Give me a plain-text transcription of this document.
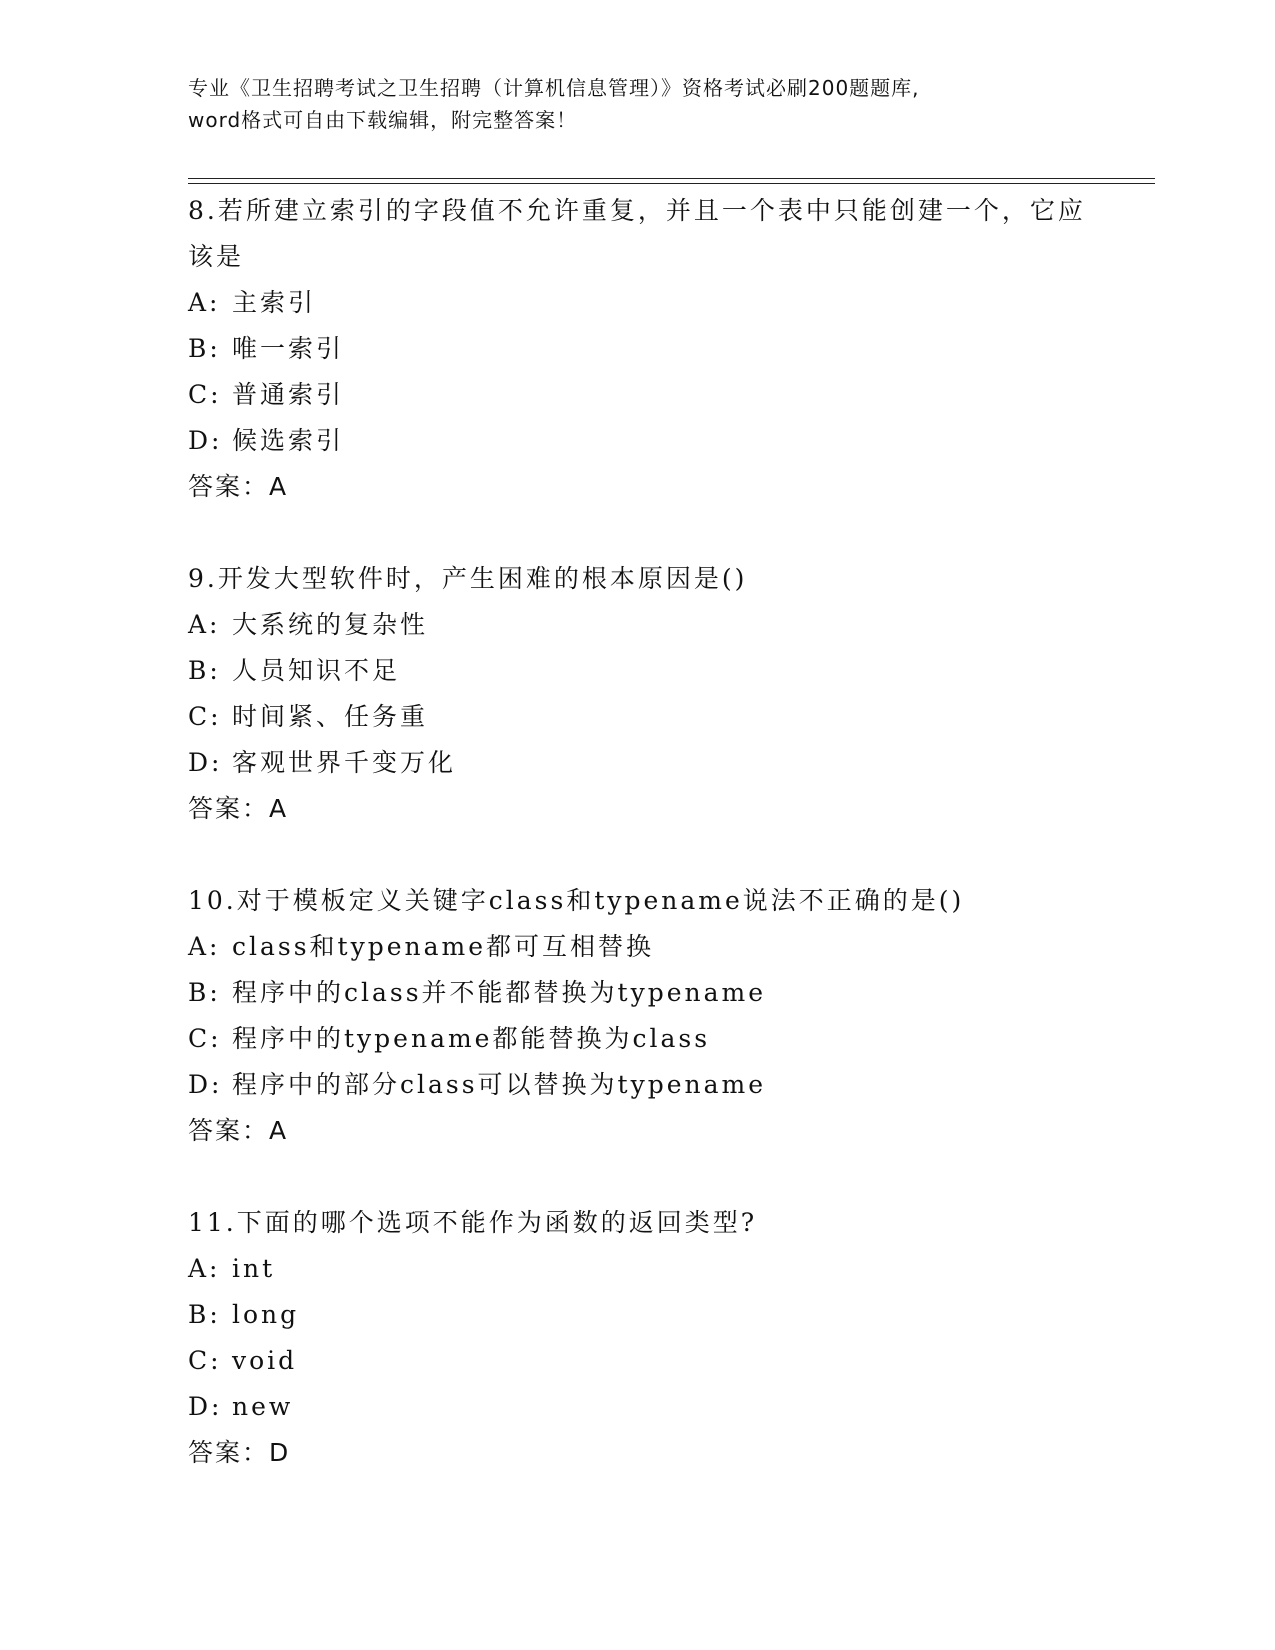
专业《卫生招聘考试之卫生招聘（计算机信息管理）》资格考试必刷200题题库,
word格式可自由下载编辑，附完整答案！
8.若所建立索引的字段值不允许重复，并且一个表中只能创建一个，它应该是
A: 主索引
B: 唯一索引
C: 普通索引
D: 候选索引
答案：A
9.开发大型软件时，产生困难的根本原因是()
A: 大系统的复杂性
B: 人员知识不足
C: 时间紧、任务重
D: 客观世界千变万化
答案：A
10.对于模板定义关键字class和typename说法不正确的是()
A: class和typename都可互相替换
B: 程序中的class并不能都替换为typename
C: 程序中的typename都能替换为class
D: 程序中的部分class可以替换为typename
答案：A
11.下面的哪个选项不能作为函数的返回类型?
A: int
B: long
C: void
D: new
答案：D
